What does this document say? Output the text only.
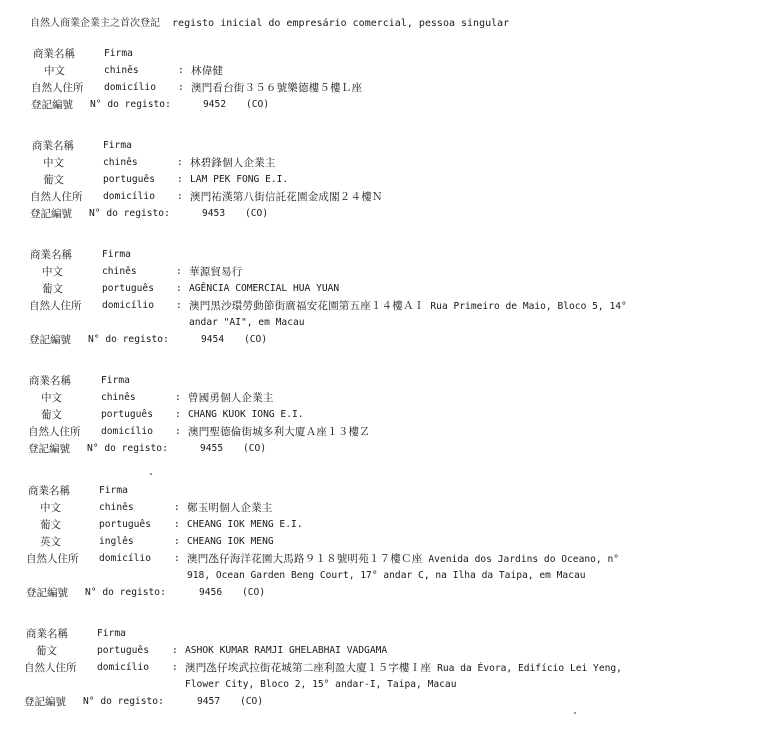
自然人商業企業主之首次登記 registo inicial do empresário comercial, pessoa singular
商業名稱	Firma
中文	chinês	: 林偉健
自然人住所 domicílio : 澳門看台街３５６號樂德樓５樓Ｌ座
登記編號 N° do registo:	9452 (CO)
商業名稱	Firma
中文	chinês	: 林碧鋒個人企業主
葡文	português : LAM PEK FONG E.I.
自然人住所 domicílio : 澳門祐漢第八街信託花園金成閣２４樓Ｎ
登記編號 N° do registo:	9453 (CO)
商業名稱	Firma
中文	chinês	: 華源貿易行
葡文	português : AGÊNCIA COMERCIAL HUA YUAN
自然人住所 domicílio : 澳門黑沙環勞動節街廣福安花園第五座１４樓ＡＩ Rua Primeiro de Maio, Bloco 5, 14°
andar "AI", em Macau
登記編號 N° do registo:	9454 (CO)
商業名稱	Firma
中文	chinês	: 曾國勇個人企業主
葡文	português : CHANG KUOK IONG E.I.
自然人住所 domicílio : 澳門聖德倫街城多利大廈Ａ座１３樓Ｚ
登記編號 N° do registo:	9455 (CO)
商業名稱	Firma
中文	chinês	: 鄭玉明個人企業主
葡文	português : CHEANG IOK MENG E.I.
英文	inglês	: CHEANG IOK MENG
自然人住所 domicílio : 澳門氹仔海洋花園大馬路９１８號明苑１７樓Ｃ座 Avenida dos Jardins do Oceano, n°
918, Ocean Garden Beng Court, 17° andar C, na Ilha da Taipa, em Macau
登記編號 N° do registo:	9456 (CO)
商業名稱	Firma
葡文	português : ASHOK KUMAR RAMJI GHELABHAI VADGAMA
自然人住所 domicílio : 澳門氹仔埃武拉街花城第二座利盈大廈１５字樓Ｉ座 Rua da Évora, Edifício Lei Yeng,
Flower City, Bloco 2, 15° andar-I, Taipa, Macau
登記編號 N° do registo:	9457 (CO)
